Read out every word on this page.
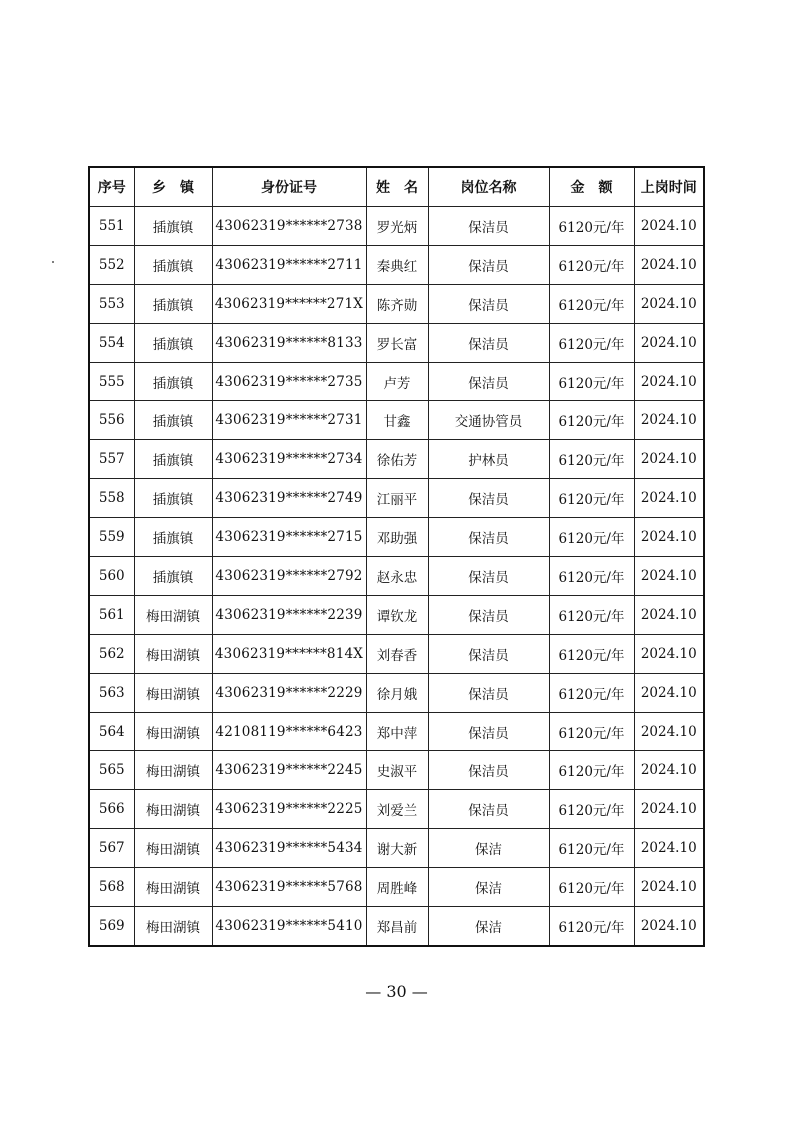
序号	乡　镇	身份证号	姓　名	岗位名称	金　额	上岗时间
551	插旗镇	43062319******2738	罗光炳	保洁员	6120元/年	2024.10
552	插旗镇	43062319******2711	秦典红	保洁员	6120元/年	2024.10
553	插旗镇	43062319******271X	陈齐勋	保洁员	6120元/年	2024.10
554	插旗镇	43062319******8133	罗长富	保洁员	6120元/年	2024.10
555	插旗镇	43062319******2735	卢芳	保洁员	6120元/年	2024.10
556	插旗镇	43062319******2731	甘鑫	交通协管员	6120元/年	2024.10
557	插旗镇	43062319******2734	徐佑芳	护林员	6120元/年	2024.10
558	插旗镇	43062319******2749	江丽平	保洁员	6120元/年	2024.10
559	插旗镇	43062319******2715	邓助强	保洁员	6120元/年	2024.10
560	插旗镇	43062319******2792	赵永忠	保洁员	6120元/年	2024.10
561	梅田湖镇	43062319******2239	谭钦龙	保洁员	6120元/年	2024.10
562	梅田湖镇	43062319******814X	刘春香	保洁员	6120元/年	2024.10
563	梅田湖镇	43062319******2229	徐月娥	保洁员	6120元/年	2024.10
564	梅田湖镇	42108119******6423	郑中萍	保洁员	6120元/年	2024.10
565	梅田湖镇	43062319******2245	史淑平	保洁员	6120元/年	2024.10
566	梅田湖镇	43062319******2225	刘爱兰	保洁员	6120元/年	2024.10
567	梅田湖镇	43062319******5434	谢大新	保洁	6120元/年	2024.10
568	梅田湖镇	43062319******5768	周胜峰	保洁	6120元/年	2024.10
569	梅田湖镇	43062319******5410	郑昌前	保洁	6120元/年	2024.10
— 30 —
